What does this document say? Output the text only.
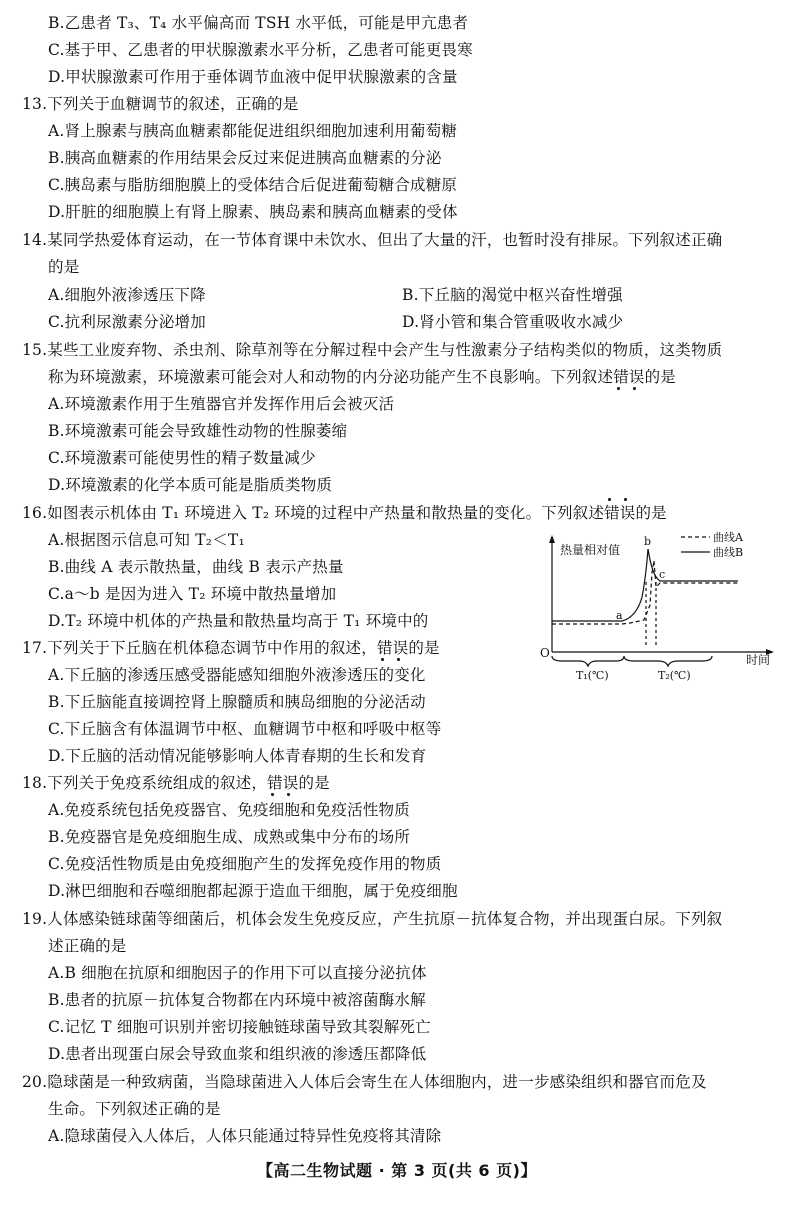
B.乙患者 T₃、T₄ 水平偏高而 TSH 水平低，可能是甲亢患者
C.基于甲、乙患者的甲状腺激素水平分析，乙患者可能更畏寒
D.甲状腺激素可作用于垂体调节血液中促甲状腺激素的含量
13.下列关于血糖调节的叙述，正确的是
A.肾上腺素与胰高血糖素都能促进组织细胞加速利用葡萄糖
B.胰高血糖素的作用结果会反过来促进胰高血糖素的分泌
C.胰岛素与脂肪细胞膜上的受体结合后促进葡萄糖合成糖原
D.肝脏的细胞膜上有肾上腺素、胰岛素和胰高血糖素的受体
14.某同学热爱体育运动，在一节体育课中未饮水、但出了大量的汗，也暂时没有排尿。下列叙述正确
的是
A.细胞外液渗透压下降	B.下丘脑的渴觉中枢兴奋性增强
C.抗利尿激素分泌增加	D.肾小管和集合管重吸收水减少
15.某些工业废弃物、杀虫剂、除草剂等在分解过程中会产生与性激素分子结构类似的物质，这类物质
称为环境激素，环境激素可能会对人和动物的内分泌功能产生不良影响。下列叙述错误
的是
A.环境激素作用于生殖器官并发挥作用后会被灭活
B.环境激素可能会导致雄性动物的性腺萎缩
C.环境激素可能使男性的精子数量减少
D.环境激素的化学本质可能是脂质类物质
16.如图表示机体由 T₁ 环境进入 T₂ 环境的过程中产热量和散热量的变化。下列叙述错误
的是
A.根据图示信息可知 T₂＜T₁
B.曲线 A 表示散热量，曲线 B 表示产热量
C.a～b 是因为进入 T₂ 环境中散热量增加
D.T₂ 环境中机体的产热量和散热量均高于 T₁ 环境中的
热量相对值
时间
O
曲线A
曲线B
a
b
c
T₁(℃)	T₂(℃)
17.下列关于下丘脑在机体稳态调节中作用的叙述，错误
的是
A.下丘脑的渗透压感受器能感知细胞外液渗透压的变化
B.下丘脑能直接调控肾上腺髓质和胰岛细胞的分泌活动
C.下丘脑含有体温调节中枢、血糖调节中枢和呼吸中枢等
D.下丘脑的活动情况能够影响人体青春期的生长和发育
18.下列关于免疫系统组成的叙述，错误
的是
A.免疫系统包括免疫器官、免疫细胞和免疫活性物质
B.免疫器官是免疫细胞生成、成熟或集中分布的场所
C.免疫活性物质是由免疫细胞产生的发挥免疫作用的物质
D.淋巴细胞和吞噬细胞都起源于造血干细胞，属于免疫细胞
19.人体感染链球菌等细菌后，机体会发生免疫反应，产生抗原－抗体复合物，并出现蛋白尿。下列叙
述正确的是
A.B 细胞在抗原和细胞因子的作用下可以直接分泌抗体
B.患者的抗原－抗体复合物都在内环境中被溶菌酶水解
C.记忆 T 细胞可识别并密切接触链球菌导致其裂解死亡
D.患者出现蛋白尿会导致血浆和组织液的渗透压都降低
20.隐球菌是一种致病菌，当隐球菌进入人体后会寄生在人体细胞内，进一步感染组织和器官而危及
生命。下列叙述正确的是
A.隐球菌侵入人体后，人体只能通过特异性免疫将其清除
【高二生物试题 · 第 3 页(共 6 页)】
